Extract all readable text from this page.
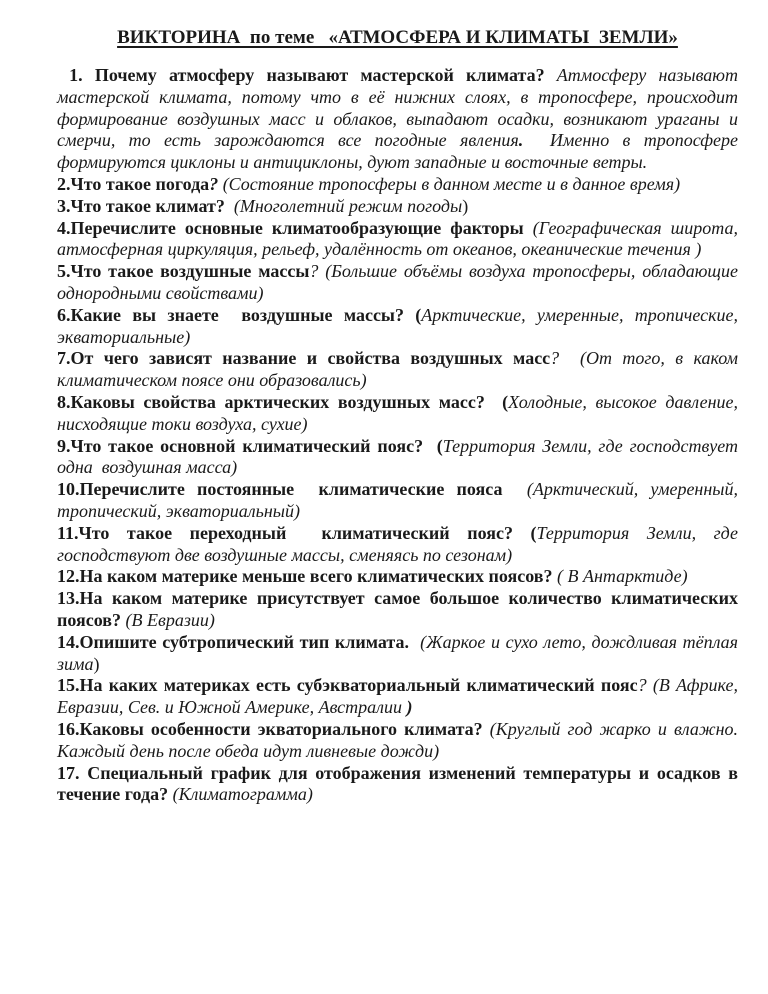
ВИКТОРИНА  по теме   «АТМОСФЕРА И КЛИМАТЫ  ЗЕМЛИ»

1. Почему атмосферу называют мастерской климата? Атмосферу называют мастерской климата, потому что в её нижних слоях, в тропосфере, происходит формирование воздушных масс и облаков, выпадают осадки, возникают ураганы и смерчи, то есть зарождаются все погодные явления.  Именно в тропосфере формируются циклоны и антициклоны, дуют западные и восточные ветры.

2.Что такое погода? (Состояние тропосферы в данном месте и в данное время)

3.Что такое климат?  (Многолетний режим погоды)

4.Перечислите основные климатообразующие факторы (Географическая широта, атмосферная циркуляция, рельеф, удалённость от океанов, океанические течения )

5.Что такое воздушные массы? (Большие объёмы воздуха тропосферы, обладающие однородными свойствами)

6.Какие вы знаете  воздушные массы? (Арктические, умеренные, тропические, экваториальные)

7.От чего зависят название и свойства воздушных масс?  (От того, в каком климатическом поясе они образовались)

8.Каковы свойства арктических воздушных масс?  (Холодные, высокое давление, нисходящие токи воздуха, сухие)

9.Что такое основной климатический пояс?  (Территория Земли, где господствует одна  воздушная масса)

10.Перечислите постоянные  климатические пояса  (Арктический, умеренный, тропический, экваториальный)

11.Что такое переходный  климатический пояс? (Территория Земли, где господствуют две воздушные массы, сменяясь по сезонам)

12.На каком материке меньше всего климатических поясов? ( В Антарктиде)

13.На каком материке присутствует самое большое количество климатических поясов? (В Евразии)

14.Опишите субтропический тип климата.  (Жаркое и сухо лето, дождливая тёплая зима)

15.На каких материках есть субэкваториальный климатический пояс? (В Африке, Евразии, Сев. и Южной Америке, Австралии )

16.Каковы особенности экваториального климата? (Круглый год жарко и влажно. Каждый день после обеда идут ливневые дожди)

17. Специальный график для отображения изменений температуры и осадков в течение года? (Климатограмма)
